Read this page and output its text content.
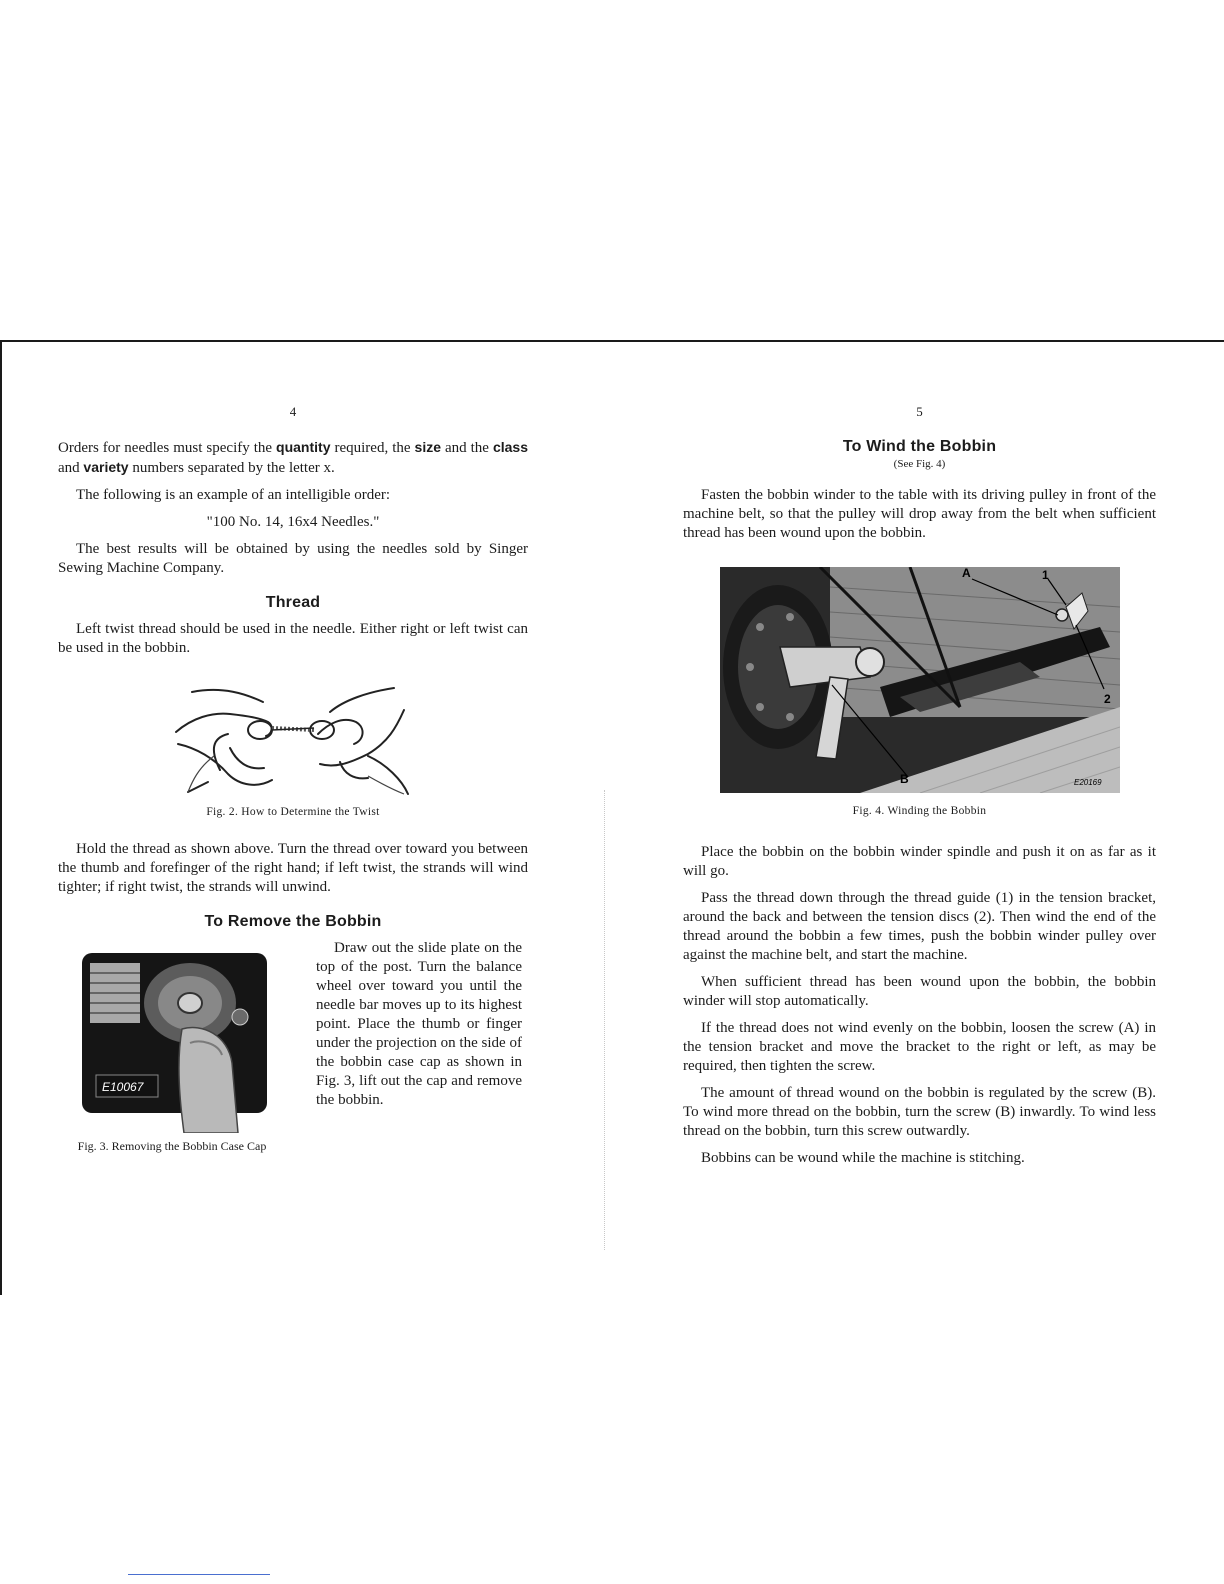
4

Orders for needles must specify the quantity required, the size and the class and variety numbers separated by the letter x.

The following is an example of an intelligible order:

"100 No. 14, 16x4 Needles."

The best results will be obtained by using the needles sold by Singer Sewing Machine Company.

Thread

Left twist thread should be used in the needle. Either right or left twist can be used in the bobbin.

Fig. 2. How to Determine the Twist

Hold the thread as shown above. Turn the thread over toward you between the thumb and forefinger of the right hand; if left twist, the strands will wind tighter; if right twist, the strands will unwind.

To Remove the Bobbin
E10067
Fig. 3. Removing the Bobbin Case Cap

Draw out the slide plate on the top of the post. Turn the balance wheel over toward you until the needle bar moves up to its highest point. Place the thumb or finger under the projection on the side of the bobbin case cap as shown in Fig. 3, lift out the cap and remove the bobbin.

5
To Wind the Bobbin
(See Fig. 4)

Fasten the bobbin winder to the table with its driving pulley in front of the machine belt, so that the pulley will drop away from the belt when sufficient thread has been wound upon the bobbin.

A	1
2
B	E20169
Fig. 4. Winding the Bobbin

Place the bobbin on the bobbin winder spindle and push it on as far as it will go.

Pass the thread down through the thread guide (1) in the tension bracket, around the back and between the tension discs (2). Then wind the end of the thread around the bobbin a few times, push the bobbin winder pulley over against the machine belt, and start the machine.

When sufficient thread has been wound upon the bobbin, the bobbin winder will stop automatically.

If the thread does not wind evenly on the bobbin, loosen the screw (A) in the tension bracket and move the bracket to the right or left, as may be required, then tighten the screw.

The amount of thread wound on the bobbin is regulated by the screw (B). To wind more thread on the bobbin, turn the screw (B) inwardly. To wind less thread on the bobbin, turn this screw outwardly.

Bobbins can be wound while the machine is stitching.
